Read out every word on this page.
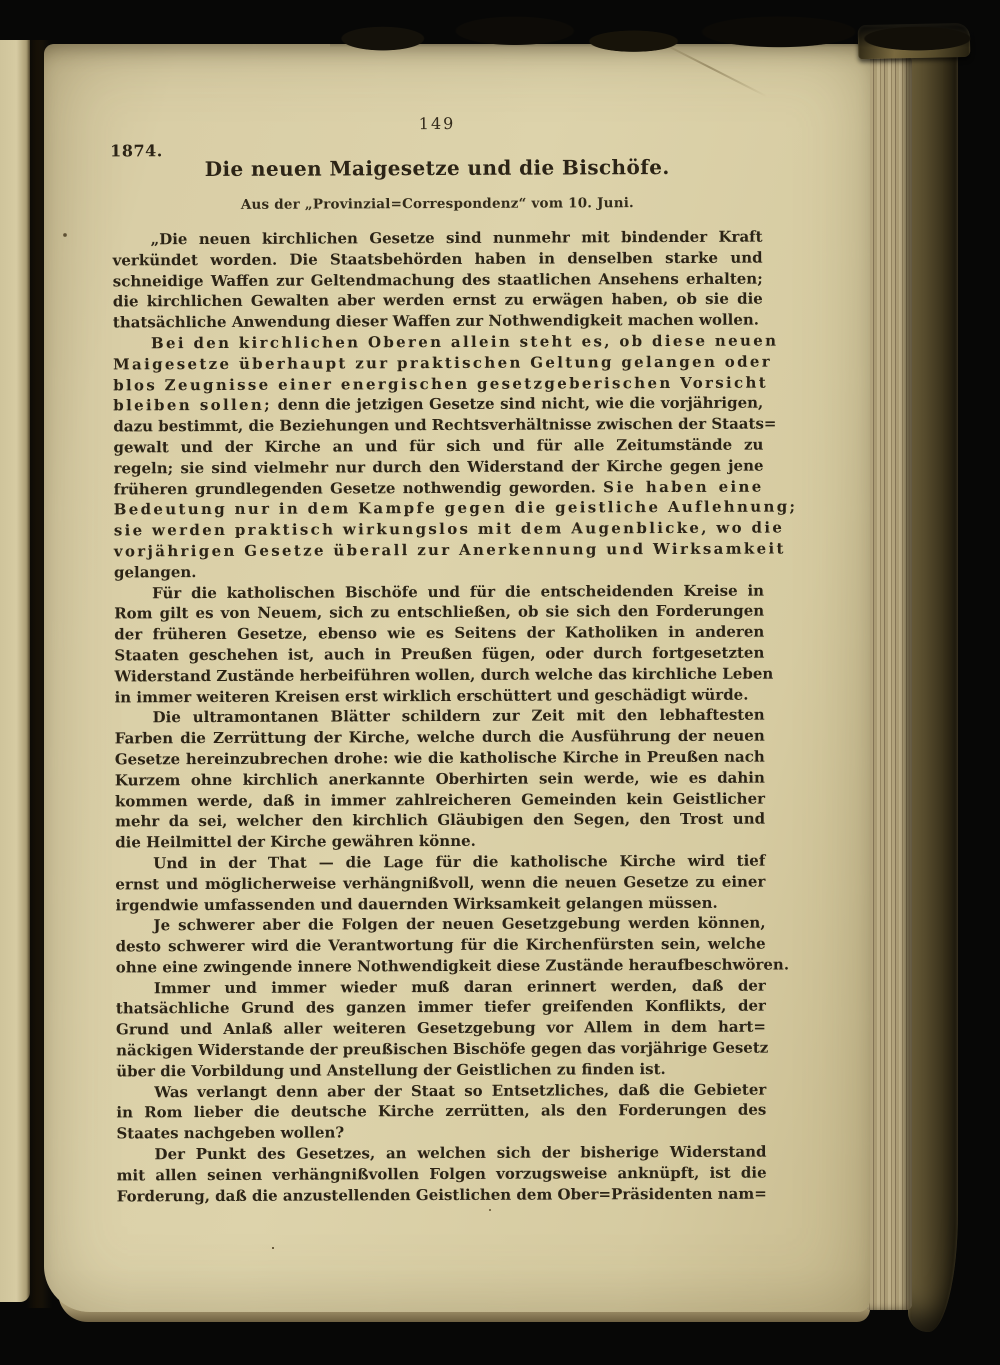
149
1874.
Die neuen Maigesetze und die Bischöfe.
Aus der „Provinzial=Correspondenz“ vom 10. Juni.
„Die neuen kirchlichen Gesetze sind nunmehr mit bindender Kraft
verkündet worden. Die Staatsbehörden haben in denselben starke und
schneidige Waffen zur Geltendmachung des staatlichen Ansehens erhalten;
die kirchlichen Gewalten aber werden ernst zu erwägen haben, ob sie die
thatsächliche Anwendung dieser Waffen zur Nothwendigkeit machen wollen.
Bei den kirchlichen Oberen allein steht es, ob diese neuen
Maigesetze überhaupt zur praktischen Geltung gelangen oder
blos Zeugnisse einer energischen gesetzgeberischen Vorsicht
bleiben sollen; denn die jetzigen Gesetze sind nicht, wie die vorjährigen,
dazu bestimmt, die Beziehungen und Rechtsverhältnisse zwischen der Staats=
gewalt und der Kirche an und für sich und für alle Zeitumstände zu
regeln; sie sind vielmehr nur durch den Widerstand der Kirche gegen jene
früheren grundlegenden Gesetze nothwendig geworden. Sie haben eine
Bedeutung nur in dem Kampfe gegen die geistliche Auflehnung;
sie werden praktisch wirkungslos mit dem Augenblicke, wo die
vorjährigen Gesetze überall zur Anerkennung und Wirksamkeit
gelangen.
Für die katholischen Bischöfe und für die entscheidenden Kreise in
Rom gilt es von Neuem, sich zu entschließen, ob sie sich den Forderungen
der früheren Gesetze, ebenso wie es Seitens der Katholiken in anderen
Staaten geschehen ist, auch in Preußen fügen, oder durch fortgesetzten
Widerstand Zustände herbeiführen wollen, durch welche das kirchliche Leben
in immer weiteren Kreisen erst wirklich erschüttert und geschädigt würde.
Die ultramontanen Blätter schildern zur Zeit mit den lebhaftesten
Farben die Zerrüttung der Kirche, welche durch die Ausführung der neuen
Gesetze hereinzubrechen drohe: wie die katholische Kirche in Preußen nach
Kurzem ohne kirchlich anerkannte Oberhirten sein werde, wie es dahin
kommen werde, daß in immer zahlreicheren Gemeinden kein Geistlicher
mehr da sei, welcher den kirchlich Gläubigen den Segen, den Trost und
die Heilmittel der Kirche gewähren könne.
Und in der That — die Lage für die katholische Kirche wird tief
ernst und möglicherweise verhängnißvoll, wenn die neuen Gesetze zu einer
irgendwie umfassenden und dauernden Wirksamkeit gelangen müssen.
Je schwerer aber die Folgen der neuen Gesetzgebung werden können,
desto schwerer wird die Verantwortung für die Kirchenfürsten sein, welche
ohne eine zwingende innere Nothwendigkeit diese Zustände heraufbeschwören.
Immer und immer wieder muß daran erinnert werden, daß der
thatsächliche Grund des ganzen immer tiefer greifenden Konflikts, der
Grund und Anlaß aller weiteren Gesetzgebung vor Allem in dem hart=
näckigen Widerstande der preußischen Bischöfe gegen das vorjährige Gesetz
über die Vorbildung und Anstellung der Geistlichen zu finden ist.
Was verlangt denn aber der Staat so Entsetzliches, daß die Gebieter
in Rom lieber die deutsche Kirche zerrütten, als den Forderungen des
Staates nachgeben wollen?
Der Punkt des Gesetzes, an welchen sich der bisherige Widerstand
mit allen seinen verhängnißvollen Folgen vorzugsweise anknüpft, ist die
Forderung, daß die anzustellenden Geistlichen dem Ober=Präsidenten nam=
